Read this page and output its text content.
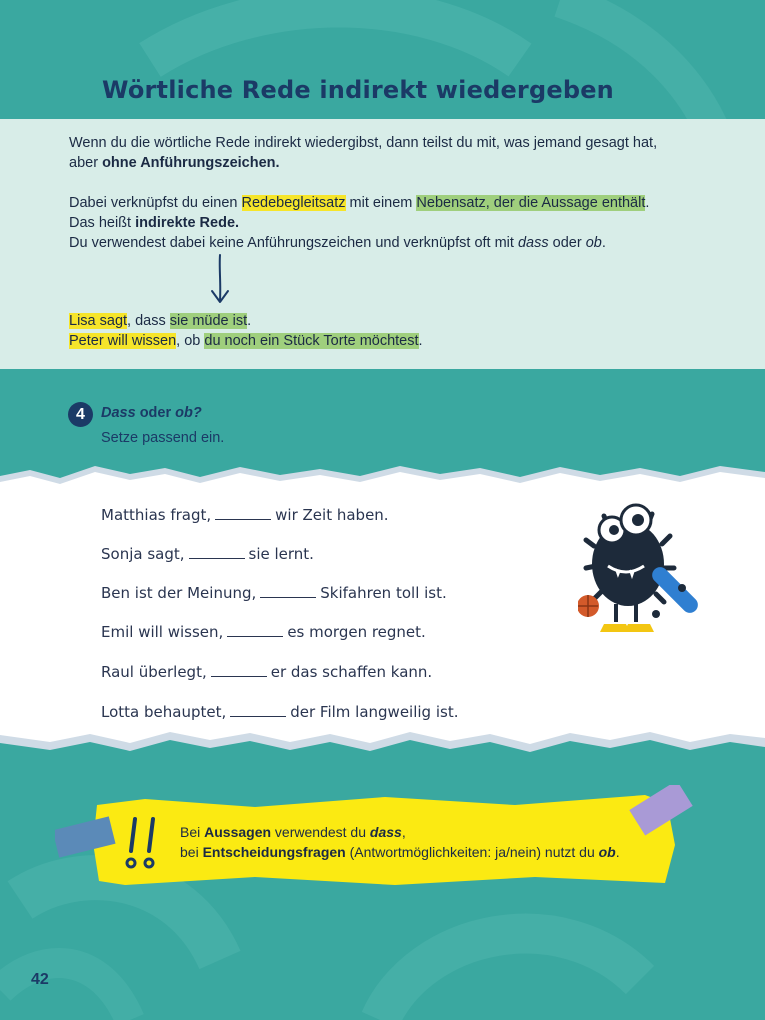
Wörtliche Rede indirekt wiedergeben

Wenn du die wörtliche Rede indirekt wiedergibst, dann teilst du mit, was jemand gesagt hat,

aber ohne Anführungszeichen.

Dabei verknüpfst du einen Redebegleitsatz mit einem Nebensatz, der die Aussage enthält.

Das heißt indirekte Rede.

Du verwendest dabei keine Anführungszeichen und verknüpfst oft mit dass oder ob.

Lisa sagt, dass sie müde ist.

Peter will wissen, ob du noch ein Stück Torte möchtest.

4	Dass oder ob?
Setze passend ein.
Matthias fragt,	wir Zeit haben.
Sonja sagt,	sie lernt.
Ben ist der Meinung,	Skifahren toll ist.
Emil will wissen,	es morgen regnet.
Raul überlegt,	er das schaffen kann.
Lotta behauptet,	der Film langweilig ist.

Bei Aussagen verwendest du dass,

bei Entscheidungsfragen (Antwortmöglichkeiten: ja/nein) nutzt du ob.

42
